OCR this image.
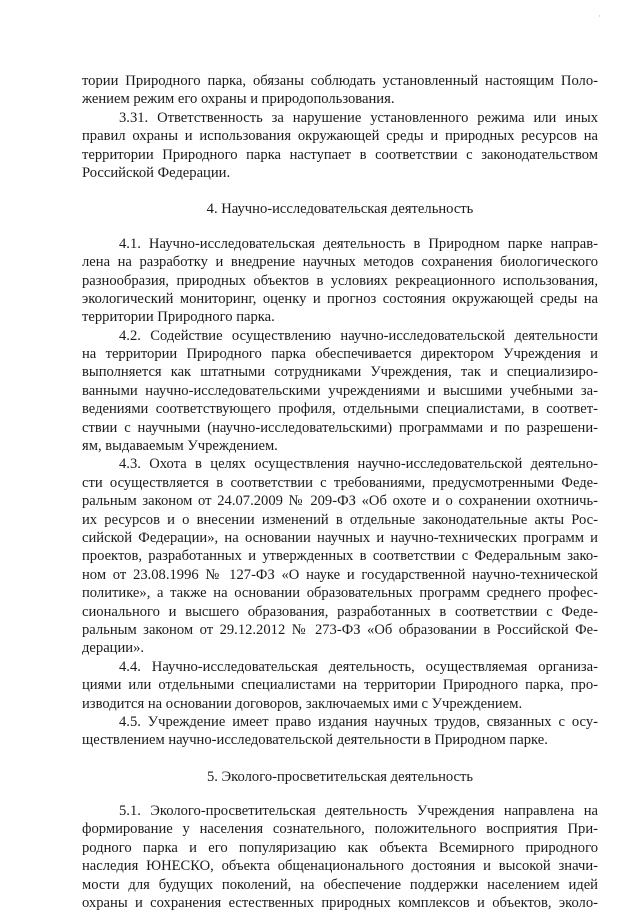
·
тории Природного парка, обязаны соблюдать установленный настоящим Поло-
жением режим его охраны и природопользования.
3.31. Ответственность за нарушение установленного режима или иных
правил охраны и использования окружающей среды и природных ресурсов на
территории Природного парка наступает в соответствии с законодательством
Российской Федерации.
4. Научно-исследовательская деятельность
4.1. Научно-исследовательская деятельность в Природном парке направ-
лена на разработку и внедрение научных методов сохранения биологического
разнообразия, природных объектов в условиях рекреационного использования,
экологический мониторинг, оценку и прогноз состояния окружающей среды на
территории Природного парка.
4.2. Содействие осуществлению научно-исследовательской деятельности
на территории Природного парка обеспечивается директором Учреждения и
выполняется как штатными сотрудниками Учреждения, так и специализиро-
ванными научно-исследовательскими учреждениями и высшими учебными за-
ведениями соответствующего профиля, отдельными специалистами, в соответ-
ствии с научными (научно-исследовательскими) программами и по разрешени-
ям, выдаваемым Учреждением.
4.3. Охота в целях осуществления научно-исследовательской деятельно-
сти осуществляется в соответствии с требованиями, предусмотренными Феде-
ральным законом от 24.07.2009 № 209-ФЗ «Об охоте и о сохранении охотничь-
их ресурсов и о внесении изменений в отдельные законодательные акты Рос-
сийской Федерации», на основании научных и научно-технических программ и
проектов, разработанных и утвержденных в соответствии с Федеральным зако-
ном от 23.08.1996 № 127-ФЗ «О науке и государственной научно-технической
политике», а также на основании образовательных программ среднего профес-
сионального и высшего образования, разработанных в соответствии с Феде-
ральным законом от 29.12.2012 № 273-ФЗ «Об образовании в Российской Фе-
дерации».
4.4. Научно-исследовательская деятельность, осуществляемая организа-
циями или отдельными специалистами на территории Природного парка, про-
изводится на основании договоров, заключаемых ими с Учреждением.
4.5. Учреждение имеет право издания научных трудов, связанных с осу-
ществлением научно-исследовательской деятельности в Природном парке.
5. Эколого-просветительская деятельность
5.1. Эколого-просветительская деятельность Учреждения направлена на
формирование у населения сознательного, положительного восприятия При-
родного парка и его популяризацию как объекта Всемирного природного
наследия ЮНЕСКО, объекта общенационального достояния и высокой значи-
мости для будущих поколений, на обеспечение поддержки населением идей
охраны и сохранения естественных природных комплексов и объектов, эколо-
